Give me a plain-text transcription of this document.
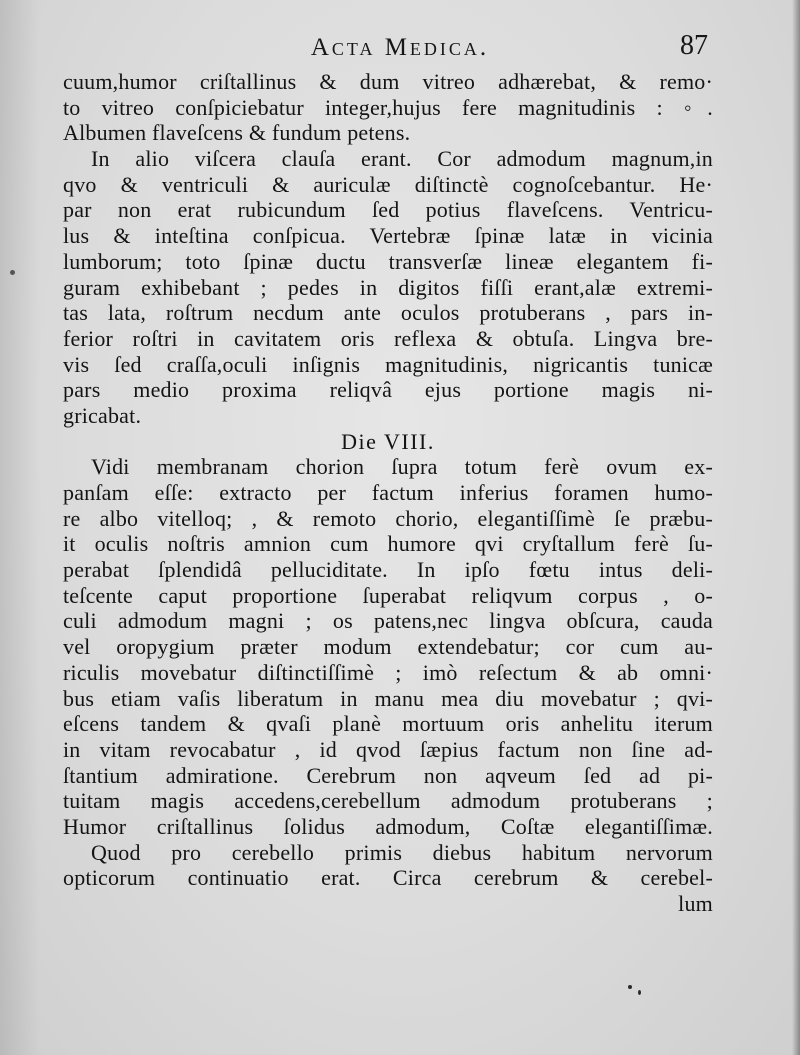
Acta Medica.	87
cuum,humor criſtallinus & dum vitreo adhærebat, & remo·
to vitreo conſpiciebatur integer,hujus fere magnitudinis : ◦.
Albumen flaveſcens & fundum petens.
In alio viſcera clauſa erant. Cor admodum magnum,in
qvo & ventriculi & auriculæ diſtinctè cognoſcebantur. He·
par non erat rubicundum ſed potius flaveſcens. Ventricu-
lus & inteſtina conſpicua. Vertebræ ſpinæ latæ in vicinia
lumborum; toto ſpinæ ductu transverſæ lineæ elegantem fi-
guram exhibebant ; pedes in digitos fiſſi erant,alæ extremi-
tas lata, roſtrum necdum ante oculos protuberans , pars in-
ferior roſtri in cavitatem oris reflexa & obtuſa. Lingva bre-
vis ſed craſſa,oculi inſignis magnitudinis, nigricantis tunicæ
pars medio proxima reliqvâ ejus portione magis ni-
gricabat.
Die VIII.
Vidi membranam chorion ſupra totum ferè ovum ex-
panſam eſſe: extracto per factum inferius foramen humo-
re albo vitelloq; , & remoto chorio, elegantiſſimè ſe præbu-
it oculis noſtris amnion cum humore qvi cryſtallum ferè ſu-
perabat ſplendidâ pelluciditate. In ipſo fœtu intus deli-
teſcente caput proportione ſuperabat reliqvum corpus , o-
culi admodum magni ; os patens,nec lingva obſcura, cauda
vel oropygium præter modum extendebatur; cor cum au-
riculis movebatur diſtinctiſſimè ; imò reſectum & ab omni·
bus etiam vaſis liberatum in manu mea diu movebatur ; qvi-
eſcens tandem & qvaſi planè mortuum oris anhelitu iterum
in vitam revocabatur , id qvod ſæpius factum non ſine ad-
ſtantium admiratione. Cerebrum non aqveum ſed ad pi-
tuitam magis accedens,cerebellum admodum protuberans ;
Humor criſtallinus ſolidus admodum, Coſtæ elegantiſſimæ.
Quod pro cerebello primis diebus habitum nervorum
opticorum continuatio erat. Circa cerebrum & cerebel-
lum
